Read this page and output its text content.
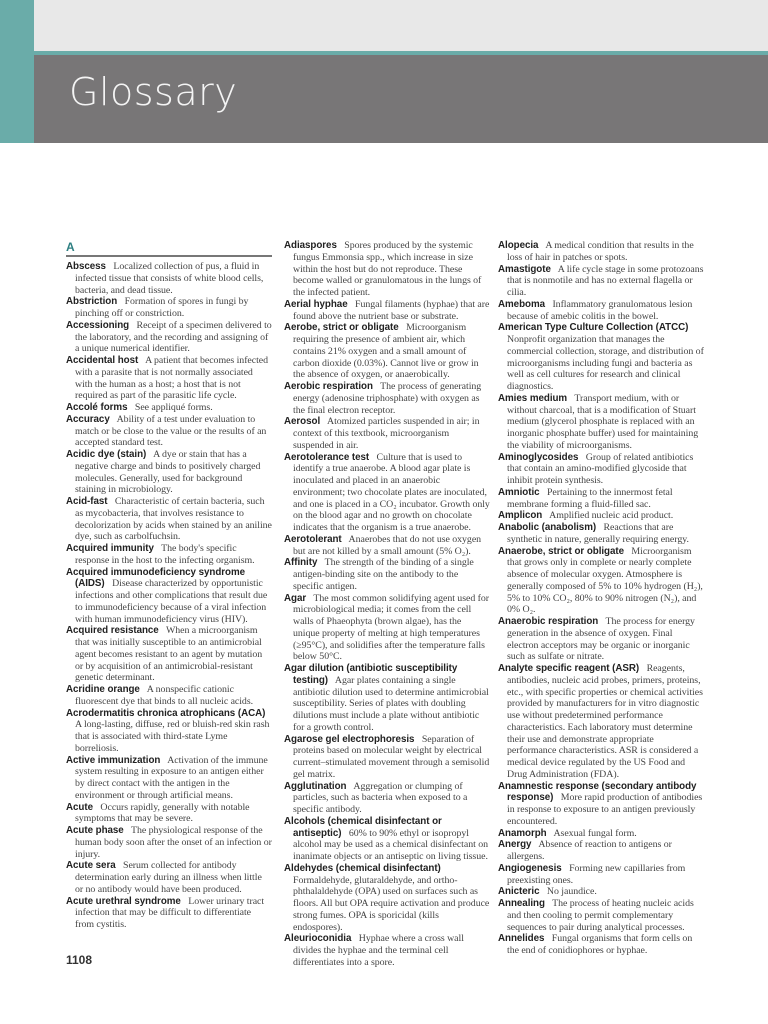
Glossary
A
Abscess Localized collection of pus, a fluid in infected tissue that consists of white blood cells, bacteria, and dead tissue.
Abstriction Formation of spores in fungi by pinching off or constriction.
Accessioning Receipt of a specimen delivered to the laboratory, and the recording and assigning of a unique numerical identifier.
Accidental host A patient that becomes infected with a parasite that is not normally associated with the human as a host; a host that is not required as part of the parasitic life cycle.
Accolé forms See appliqué forms.
Accuracy Ability of a test under evaluation to match or be close to the value or the results of an accepted standard test.
Acidic dye (stain) A dye or stain that has a negative charge and binds to positively charged molecules. Generally, used for background staining in microbiology.
Acid-fast Characteristic of certain bacteria, such as mycobacteria, that involves resistance to decolorization by acids when stained by an aniline dye, such as carbolfuchsin.
Acquired immunity The body's specific response in the host to the infecting organism.
Acquired immunodeficiency syndrome (AIDS) Disease characterized by opportunistic infections and other complications that result due to immunodeficiency because of a viral infection with human immunodeficiency virus (HIV).
Acquired resistance When a microorganism that was initially susceptible to an antimicrobial agent becomes resistant to an agent by mutation or by acquisition of an antimicrobial-resistant genetic determinant.
Acridine orange A nonspecific cationic fluorescent dye that binds to all nucleic acids.
Acrodermatitis chronica atrophicans (ACA) A long-lasting, diffuse, red or bluish-red skin rash that is associated with third-state Lyme borreliosis.
Active immunization Activation of the immune system resulting in exposure to an antigen either by direct contact with the antigen in the environment or through artificial means.
Acute Occurs rapidly, generally with notable symptoms that may be severe.
Acute phase The physiological response of the human body soon after the onset of an infection or injury.
Acute sera Serum collected for antibody determination early during an illness when little or no antibody would have been produced.
Acute urethral syndrome Lower urinary tract infection that may be difficult to differentiate from cystitis.
Adiaspores Spores produced by the systemic fungus Emmonsia spp., which increase in size within the host but do not reproduce. These become walled or granulomatous in the lungs of the infected patient.
Aerial hyphae Fungal filaments (hyphae) that are found above the nutrient base or substrate.
Aerobe, strict or obligate Microorganism requiring the presence of ambient air, which contains 21% oxygen and a small amount of carbon dioxide (0.03%). Cannot live or grow in the absence of oxygen, or anaerobically.
Aerobic respiration The process of generating energy (adenosine triphosphate) with oxygen as the final electron receptor.
Aerosol Atomized particles suspended in air; in context of this textbook, microorganism suspended in air.
Aerotolerance test Culture that is used to identify a true anaerobe. A blood agar plate is inoculated and placed in an anaerobic environment; two chocolate plates are inoculated, and one is placed in a CO₂ incubator. Growth only on the blood agar and no growth on chocolate indicates that the organism is a true anaerobe.
Aerotolerant Anaerobes that do not use oxygen but are not killed by a small amount (5% O₂).
Affinity The strength of the binding of a single antigen-binding site on the antibody to the specific antigen.
Agar The most common solidifying agent used for microbiological media; it comes from the cell walls of Phaeophyta (brown algae), has the unique property of melting at high temperatures (≥95°C), and solidifies after the temperature falls below 50°C.
Agar dilution (antibiotic susceptibility testing) Agar plates containing a single antibiotic dilution used to determine antimicrobial susceptibility. Series of plates with doubling dilutions must include a plate without antibiotic for a growth control.
Agarose gel electrophoresis Separation of proteins based on molecular weight by electrical current–stimulated movement through a semisolid gel matrix.
Agglutination Aggregation or clumping of particles, such as bacteria when exposed to a specific antibody.
Alcohols (chemical disinfectant or antiseptic) 60% to 90% ethyl or isopropyl alcohol may be used as a chemical disinfectant on inanimate objects or an antiseptic on living tissue.
Aldehydes (chemical disinfectant) Formaldehyde, glutaraldehyde, and ortho-phthalaldehyde (OPA) used on surfaces such as floors. All but OPA require activation and produce strong fumes. OPA is sporicidal (kills endospores).
Aleurioconidia Hyphae where a cross wall divides the hyphae and the terminal cell differentiates into a spore.
Alopecia A medical condition that results in the loss of hair in patches or spots.
Amastigote A life cycle stage in some protozoans that is nonmotile and has no external flagella or cilia.
Ameboma Inflammatory granulomatous lesion because of amebic colitis in the bowel.
American Type Culture Collection (ATCC) Nonprofit organization that manages the commercial collection, storage, and distribution of microorganisms including fungi and bacteria as well as cell cultures for research and clinical diagnostics.
Amies medium Transport medium, with or without charcoal, that is a modification of Stuart medium (glycerol phosphate is replaced with an inorganic phosphate buffer) used for maintaining the viability of microorganisms.
Aminoglycosides Group of related antibiotics that contain an amino-modified glycoside that inhibit protein synthesis.
Amniotic Pertaining to the innermost fetal membrane forming a fluid-filled sac.
Amplicon Amplified nucleic acid product.
Anabolic (anabolism) Reactions that are synthetic in nature, generally requiring energy.
Anaerobe, strict or obligate Microorganism that grows only in complete or nearly complete absence of molecular oxygen. Atmosphere is generally composed of 5% to 10% hydrogen (H₂), 5% to 10% CO₂, 80% to 90% nitrogen (N₂), and 0% O₂.
Anaerobic respiration The process for energy generation in the absence of oxygen. Final electron acceptors may be organic or inorganic such as sulfate or nitrate.
Analyte specific reagent (ASR) Reagents, antibodies, nucleic acid probes, primers, proteins, etc., with specific properties or chemical activities provided by manufacturers for in vitro diagnostic use without predetermined performance characteristics. Each laboratory must determine their use and demonstrate appropriate performance characteristics. ASR is considered a medical device regulated by the US Food and Drug Administration (FDA).
Anamnestic response (secondary antibody response) More rapid production of antibodies in response to exposure to an antigen previously encountered.
Anamorph Asexual fungal form.
Anergy Absence of reaction to antigens or allergens.
Angiogenesis Forming new capillaries from preexisting ones.
Anicteric No jaundice.
Annealing The process of heating nucleic acids and then cooling to permit complementary sequences to pair during analytical processes.
Annelides Fungal organisms that form cells on the end of conidiophores or hyphae.
1108
